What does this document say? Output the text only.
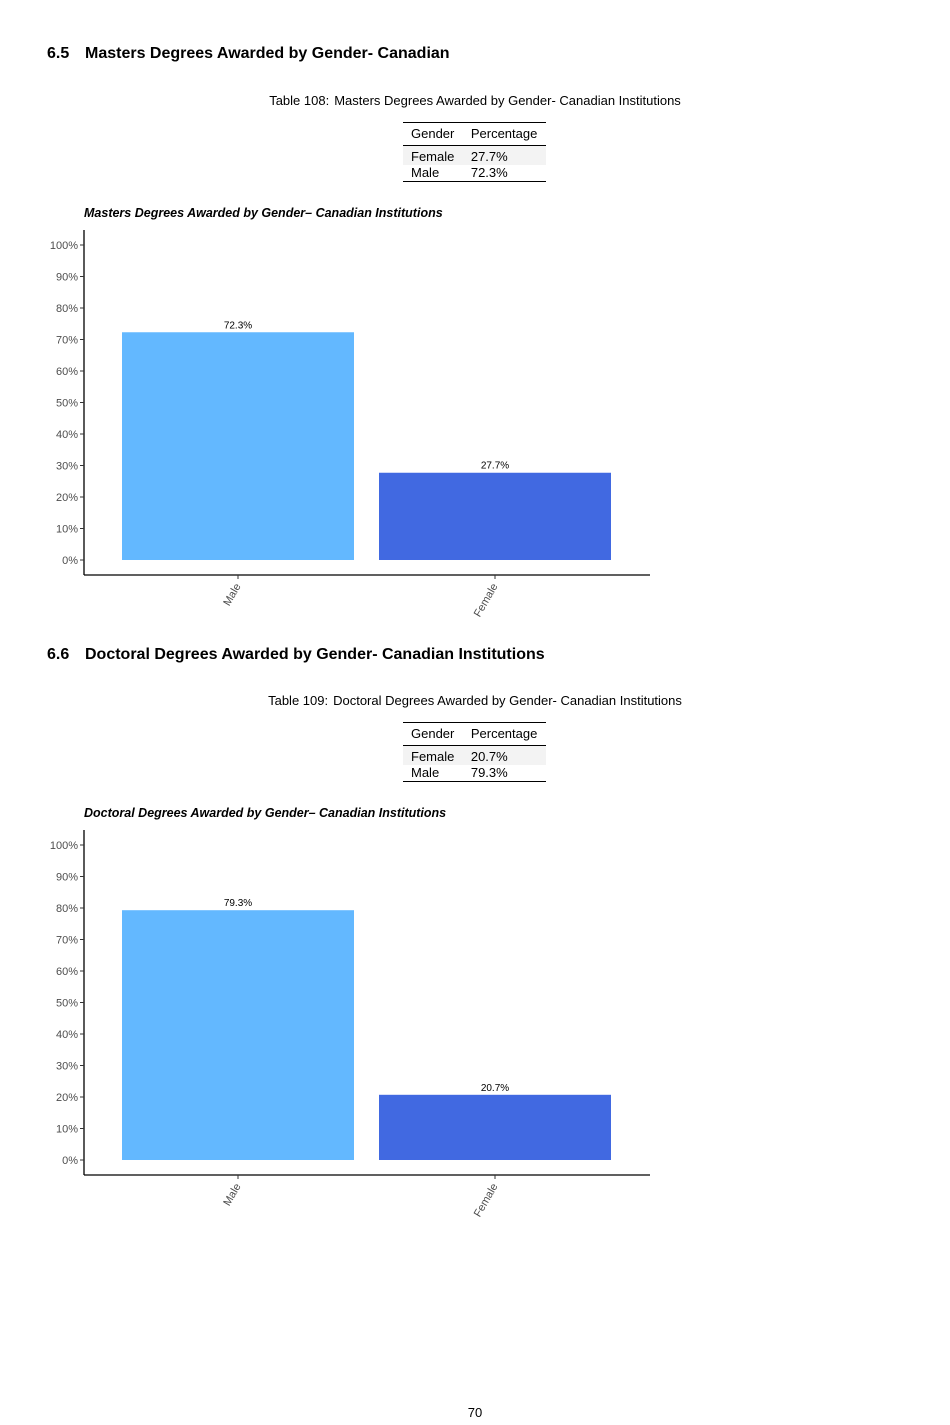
6.5 Masters Degrees Awarded by Gender- Canadian
Table 108: Masters Degrees Awarded by Gender- Canadian Institutions
Gender	Percentage
Female	27.7%
Male	72.3%
Masters Degrees Awarded by Gender– Canadian Institutions
0%
10%
20%
30%
40%
50%
60%
70%
80%
90%
100%
72.3%
Male
27.7%
Female
6.6 Doctoral Degrees Awarded by Gender- Canadian Institutions
Table 109: Doctoral Degrees Awarded by Gender- Canadian Institutions
Gender	Percentage
Female	20.7%
Male	79.3%
Doctoral Degrees Awarded by Gender– Canadian Institutions
0%
10%
20%
30%
40%
50%
60%
70%
80%
90%
100%
79.3%
Male
20.7%
Female
70
